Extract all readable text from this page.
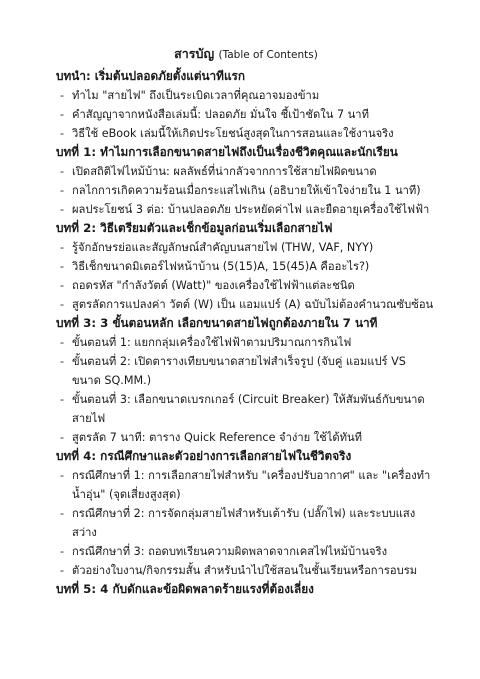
สารบัญ (Table of Contents)
บทนำ: เริ่มต้นปลอดภัยตั้งแต่นาทีแรก
- ทำไม "สายไฟ" ถึงเป็นระเบิดเวลาที่คุณอาจมองข้าม
- คำสัญญาจากหนังสือเล่มนี้: ปลอดภัย มั่นใจ ชี้เป้าชัดใน 7 นาที
- วิธีใช้ eBook เล่มนี้ให้เกิดประโยชน์สูงสุดในการสอนและใช้งานจริง
บทที่ 1: ทำไมการเลือกขนาดสายไฟถึงเป็นเรื่องชีวิตคุณและนักเรียน
- เปิดสถิติไฟไหม้บ้าน: ผลลัพธ์ที่น่ากลัวจากการใช้สายไฟผิดขนาด
- กลไกการเกิดความร้อนเมื่อกระแสไฟเกิน (อธิบายให้เข้าใจง่ายใน 1 นาที)
- ผลประโยชน์ 3 ต่อ: บ้านปลอดภัย ประหยัดค่าไฟ และยืดอายุเครื่องใช้ไฟฟ้า
บทที่ 2: วิธีเตรียมตัวและเช็กข้อมูลก่อนเริ่มเลือกสายไฟ
- รู้จักอักษรย่อและสัญลักษณ์สำคัญบนสายไฟ (THW, VAF, NYY)
- วิธีเช็กขนาดมิเตอร์ไฟหน้าบ้าน (5(15)A, 15(45)A คืออะไร?)
- ถอดรหัส "กำลังวัตต์ (Watt)" ของเครื่องใช้ไฟฟ้าแต่ละชนิด
- สูตรลัดการแปลงค่า วัตต์ (W) เป็น แอมแปร์ (A) ฉบับไม่ต้องคำนวณซับซ้อน
บทที่ 3: 3 ขั้นตอนหลัก เลือกขนาดสายไฟถูกต้องภายใน 7 นาที
- ขั้นตอนที่ 1: แยกกลุ่มเครื่องใช้ไฟฟ้าตามปริมาณการกินไฟ
- ขั้นตอนที่ 2: เปิดตารางเทียบขนาดสายไฟสำเร็จรูป (จับคู่ แอมแปร์ VS ขนาด SQ.MM.)
- ขั้นตอนที่ 3: เลือกขนาดเบรกเกอร์ (Circuit Breaker) ให้สัมพันธ์กับขนาดสายไฟ
- สูตรลัด 7 นาที: ตาราง Quick Reference จำง่าย ใช้ได้ทันที
บทที่ 4: กรณีศึกษาและตัวอย่างการเลือกสายไฟในชีวิตจริง
- กรณีศึกษาที่ 1: การเลือกสายไฟสำหรับ "เครื่องปรับอากาศ" และ "เครื่องทำน้ำอุ่น" (จุดเสี่ยงสูงสุด)
- กรณีศึกษาที่ 2: การจัดกลุ่มสายไฟสำหรับเต้ารับ (ปลั๊กไฟ) และระบบแสงสว่าง
- กรณีศึกษาที่ 3: ถอดบทเรียนความผิดพลาดจากเคสไฟไหม้บ้านจริง
- ตัวอย่างใบงาน/กิจกรรมสั้น สำหรับนำไปใช้สอนในชั้นเรียนหรือการอบรม
บทที่ 5: 4 กับดักและข้อผิดพลาดร้ายแรงที่ต้องเลี่ยง
